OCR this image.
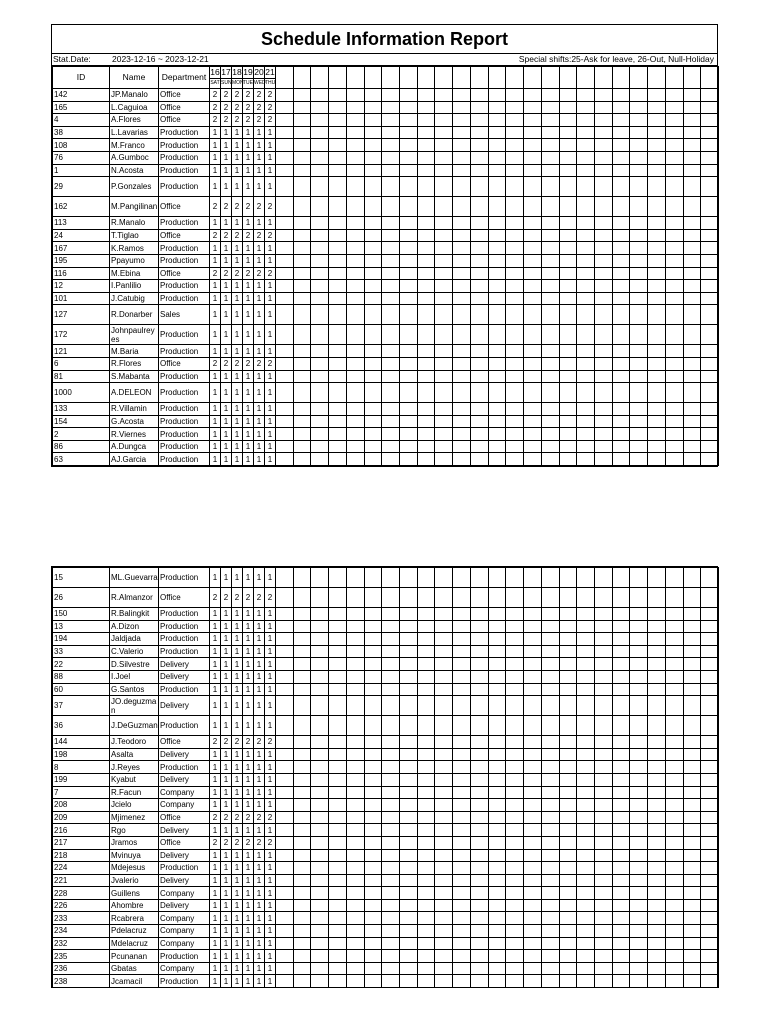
Schedule Information Report
Stat.Date: 2023-12-16 ~ 2023-12-21	Special shifts:25-Ask for leave, 26-Out, Null-Holiday
ID	Name	Department	16	17	18	19	20	21																									
			SAT	SUN	MON	TUE	WED	THU																									
142	JP.Manalo	Office	2	2	2	2	2	2																									
165	L.Caguioa	Office	2	2	2	2	2	2																									
4	A.Flores	Office	2	2	2	2	2	2																									
38	L.Lavarias	Production	1	1	1	1	1	1																									
108	M.Franco	Production	1	1	1	1	1	1																									
76	A.Gumboc	Production	1	1	1	1	1	1																									
1	N.Acosta	Production	1	1	1	1	1	1																									
29	P.Gonzales	Production	1	1	1	1	1	1																									
162	M.Pangilinan	Office	2	2	2	2	2	2																									
113	R.Manalo	Production	1	1	1	1	1	1																									
24	T.Tiglao	Office	2	2	2	2	2	2																									
167	K.Ramos	Production	1	1	1	1	1	1																									
195	Ppayumo	Production	1	1	1	1	1	1																									
116	M.Ebina	Office	2	2	2	2	2	2																									
12	I.Panlilio	Production	1	1	1	1	1	1																									
101	J.Catubig	Production	1	1	1	1	1	1																									
127	R.Donarber	Sales	1	1	1	1	1	1																									
172	Johnpaulreyes	Production	1	1	1	1	1	1																									
121	M.Baria	Production	1	1	1	1	1	1																									
6	R.Flores	Office	2	2	2	2	2	2																									
81	S.Mabanta	Production	1	1	1	1	1	1																									
1000	A.DELEON	Production	1	1	1	1	1	1																									
133	R.Villamin	Production	1	1	1	1	1	1																									
154	G.Acosta	Production	1	1	1	1	1	1																									
2	R.Viernes	Production	1	1	1	1	1	1																									
86	A.Dungca	Production	1	1	1	1	1	1																									
63	AJ.Garcia	Production	1	1	1	1	1	1																									
15	ML.Guevarra	Production	1	1	1	1	1	1																									
26	R.Almanzor	Office	2	2	2	2	2	2																									
150	R.Balingkit	Production	1	1	1	1	1	1																									
13	A.Dizon	Production	1	1	1	1	1	1																									
194	Jaldjada	Production	1	1	1	1	1	1																									
33	C.Valerio	Production	1	1	1	1	1	1																									
22	D.Silvestre	Delivery	1	1	1	1	1	1																									
88	I.Joel	Delivery	1	1	1	1	1	1																									
60	G.Santos	Production	1	1	1	1	1	1																									
37	JO.deguzman	Delivery	1	1	1	1	1	1																									
36	J.DeGuzman	Production	1	1	1	1	1	1																									
144	J.Teodoro	Office	2	2	2	2	2	2																									
198	Asalta	Delivery	1	1	1	1	1	1																									
8	J.Reyes	Production	1	1	1	1	1	1																									
199	Kyabut	Delivery	1	1	1	1	1	1																									
7	R.Facun	Company	1	1	1	1	1	1																									
208	Jcielo	Company	1	1	1	1	1	1																									
209	Mjimenez	Office	2	2	2	2	2	2																									
216	Rgo	Delivery	1	1	1	1	1	1																									
217	Jramos	Office	2	2	2	2	2	2																									
218	Mvinuya	Delivery	1	1	1	1	1	1																									
224	Mdejesus	Production	1	1	1	1	1	1																									
221	Jvalerio	Delivery	1	1	1	1	1	1																									
228	Guillens	Company	1	1	1	1	1	1																									
226	Ahombre	Delivery	1	1	1	1	1	1																									
233	Rcabrera	Company	1	1	1	1	1	1																									
234	Pdelacruz	Company	1	1	1	1	1	1																									
232	Mdelacruz	Company	1	1	1	1	1	1																									
235	Pcunanan	Production	1	1	1	1	1	1																									
236	Gbatas	Company	1	1	1	1	1	1																									
238	Jcamacil	Production	1	1	1	1	1	1																									
